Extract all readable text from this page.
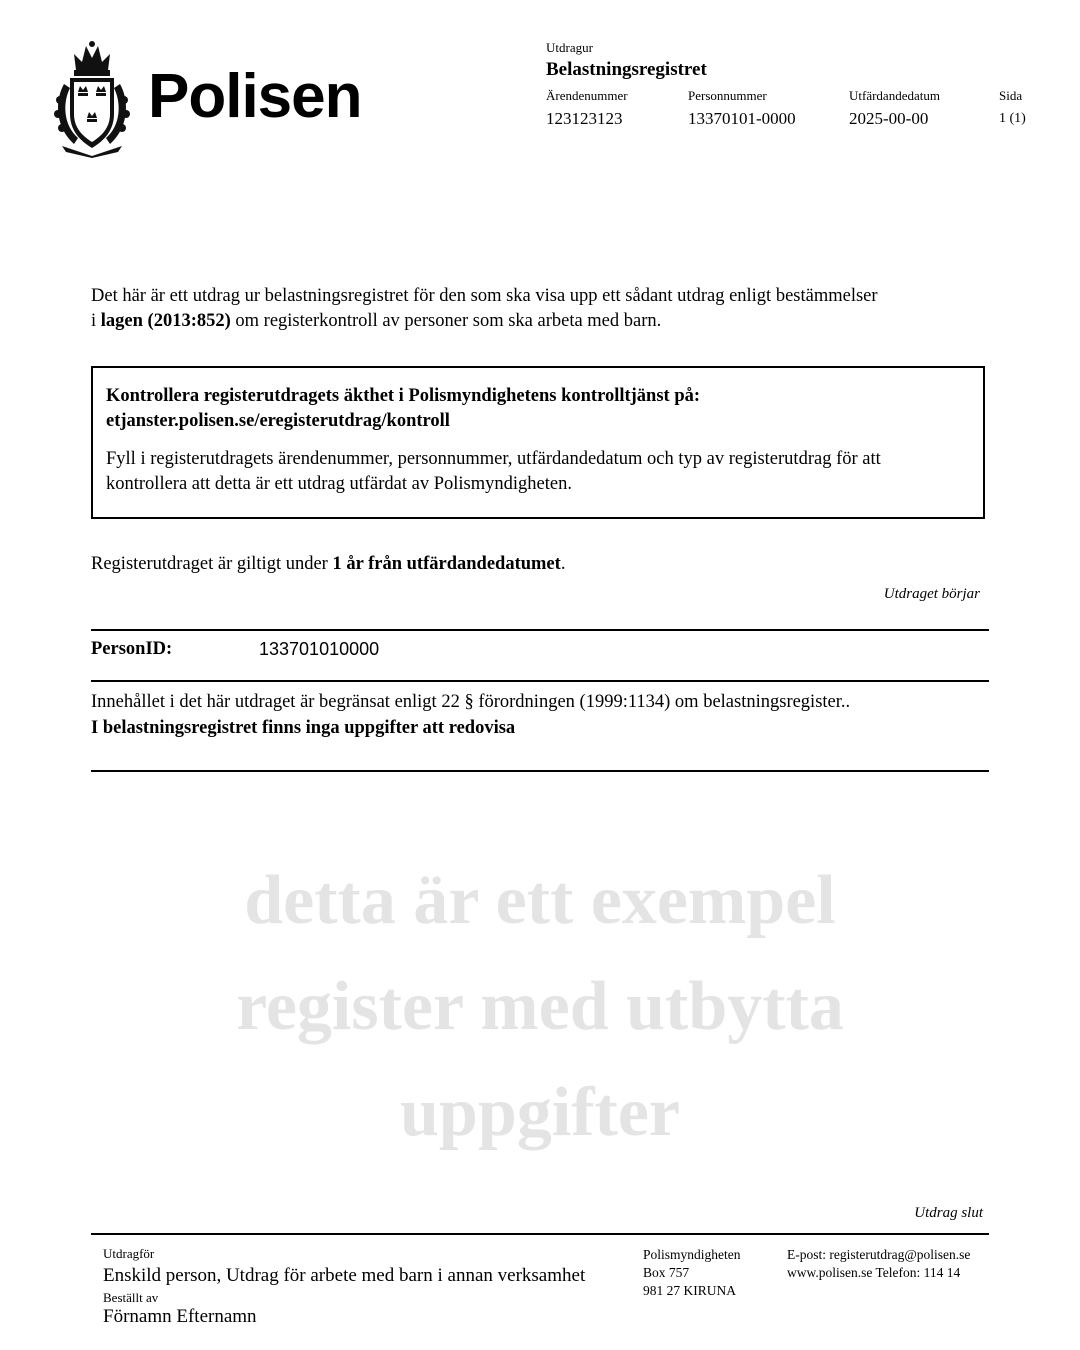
Polisen
Utdragur
Belastningsregistret
Ärendenummer
123123123
Personnummer
13370101-0000
Utfärdandedatum
2025-00-00
Sida
1 (1)
Det här är ett utdrag ur belastningsregistret för den som ska visa upp ett sådant utdrag enligt bestämmelser
i lagen (2013:852) om registerkontroll av personer som ska arbeta med barn.
Kontrollera registerutdragets äkthet i Polismyndighetens kontrolltjänst på:
etjanster.polisen.se/eregisterutdrag/kontroll
Fyll i registerutdragets ärendenummer, personnummer, utfärdandedatum och typ av registerutdrag för att
kontrollera att detta är ett utdrag utfärdat av Polismyndigheten.
Registerutdraget är giltigt under 1 år från utfärdandedatumet.
Utdraget börjar
PersonID:	133701010000
Innehållet i det här utdraget är begränsat enligt 22 § förordningen (1999:1134) om belastningsregister..
I belastningsregistret finns inga uppgifter att redovisa
detta är ett exempel
register med utbytta
uppgifter
Utdrag slut
Utdragför
Enskild person, Utdrag för arbete med barn i annan verksamhet
Beställt av
Förnamn Efternamn
Polismyndigheten
Box 757
981 27 KIRUNA
E-post: registerutdrag@polisen.se
www.polisen.se Telefon: 114 14
